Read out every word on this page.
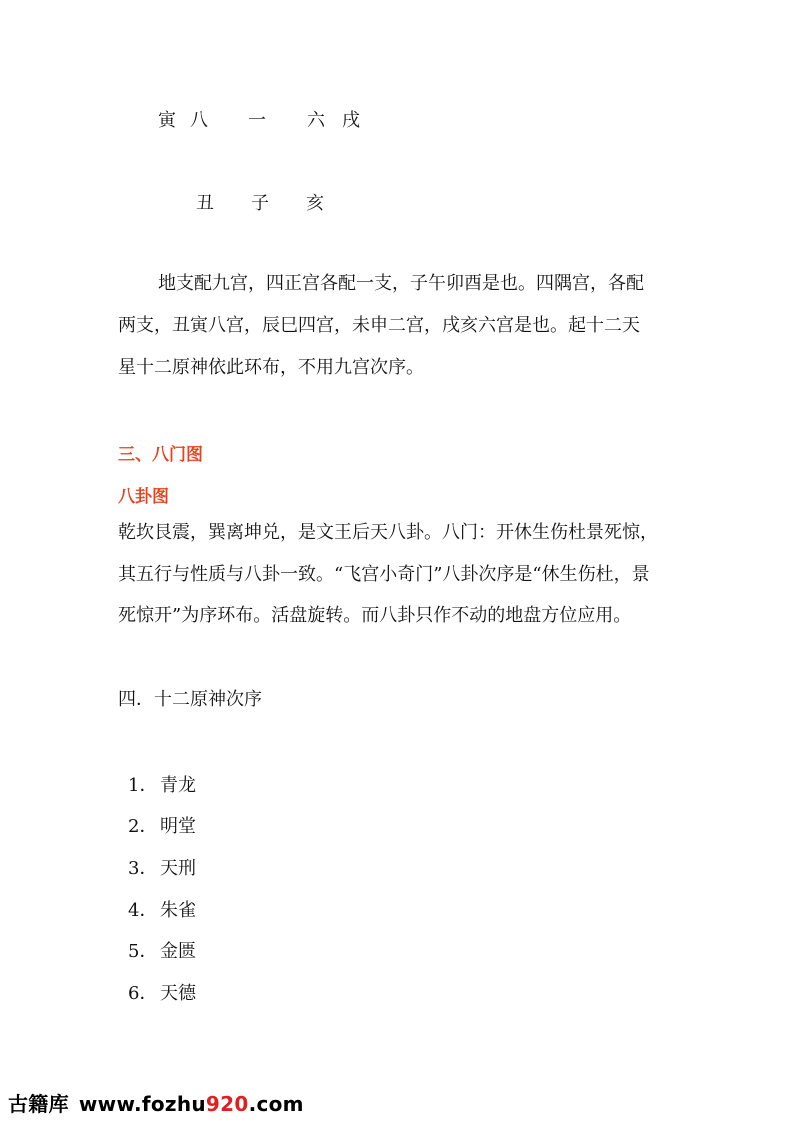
寅 八 一 六 戌
丑 子 亥
地支配九宫，四正宫各配一支，子午卯酉是也。四隅宫，各配
两支，丑寅八宫，辰巳四宫，未申二宫，戌亥六宫是也。起十二天
星十二原神依此环布，不用九宫次序。
三、八门图
八卦图
乾坎艮震，巽离坤兑，是文王后天八卦。八门：开休生伤杜景死惊，
其五行与性质与八卦一致。“飞宫小奇门”八卦次序是“休生伤杜，景
死惊开”为序环布。活盘旋转。而八卦只作不动的地盘方位应用。
四．十二原神次序
1． 青龙
2． 明堂
3． 天刑
4． 朱雀
5． 金匮
6． 天德
古籍库 www.fozhu920.com
